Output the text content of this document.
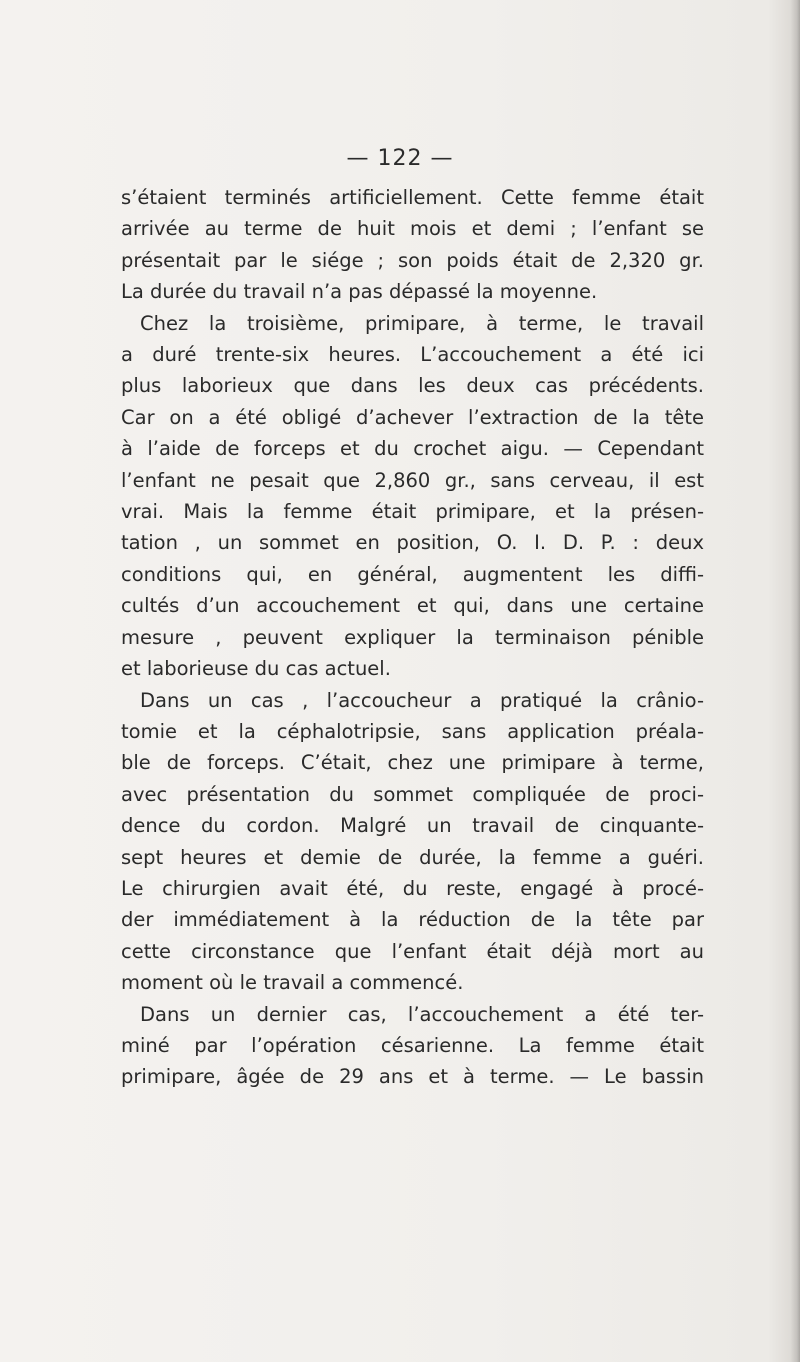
— 122 —
s’étaient terminés artificiellement. Cette femme était
arrivée au terme de huit mois et demi ; l’enfant se
présentait par le siége ; son poids était de 2,320 gr.
La durée du travail n’a pas dépassé la moyenne.
Chez la troisième, primipare, à terme, le travail
a duré trente-six heures. L’accouchement a été ici
plus laborieux que dans les deux cas précédents.
Car on a été obligé d’achever l’extraction de la tête
à l’aide de forceps et du crochet aigu. — Cependant
l’enfant ne pesait que 2,860 gr., sans cerveau, il est
vrai. Mais la femme était primipare, et la présen-
tation , un sommet en position, O. I. D. P. : deux
conditions qui, en général, augmentent les diffi-
cultés d’un accouchement et qui, dans une certaine
mesure , peuvent expliquer la terminaison pénible
et laborieuse du cas actuel.
Dans un cas , l’accoucheur a pratiqué la crânio-
tomie et la céphalotripsie, sans application préala-
ble de forceps. C’était, chez une primipare à terme,
avec présentation du sommet compliquée de proci-
dence du cordon. Malgré un travail de cinquante-
sept heures et demie de durée, la femme a guéri.
Le chirurgien avait été, du reste, engagé à procé-
der immédiatement à la réduction de la tête par
cette circonstance que l’enfant était déjà mort au
moment où le travail a commencé.
Dans un dernier cas, l’accouchement a été ter-
miné par l’opération césarienne. La femme était
primipare, âgée de 29 ans et à terme. — Le bassin
